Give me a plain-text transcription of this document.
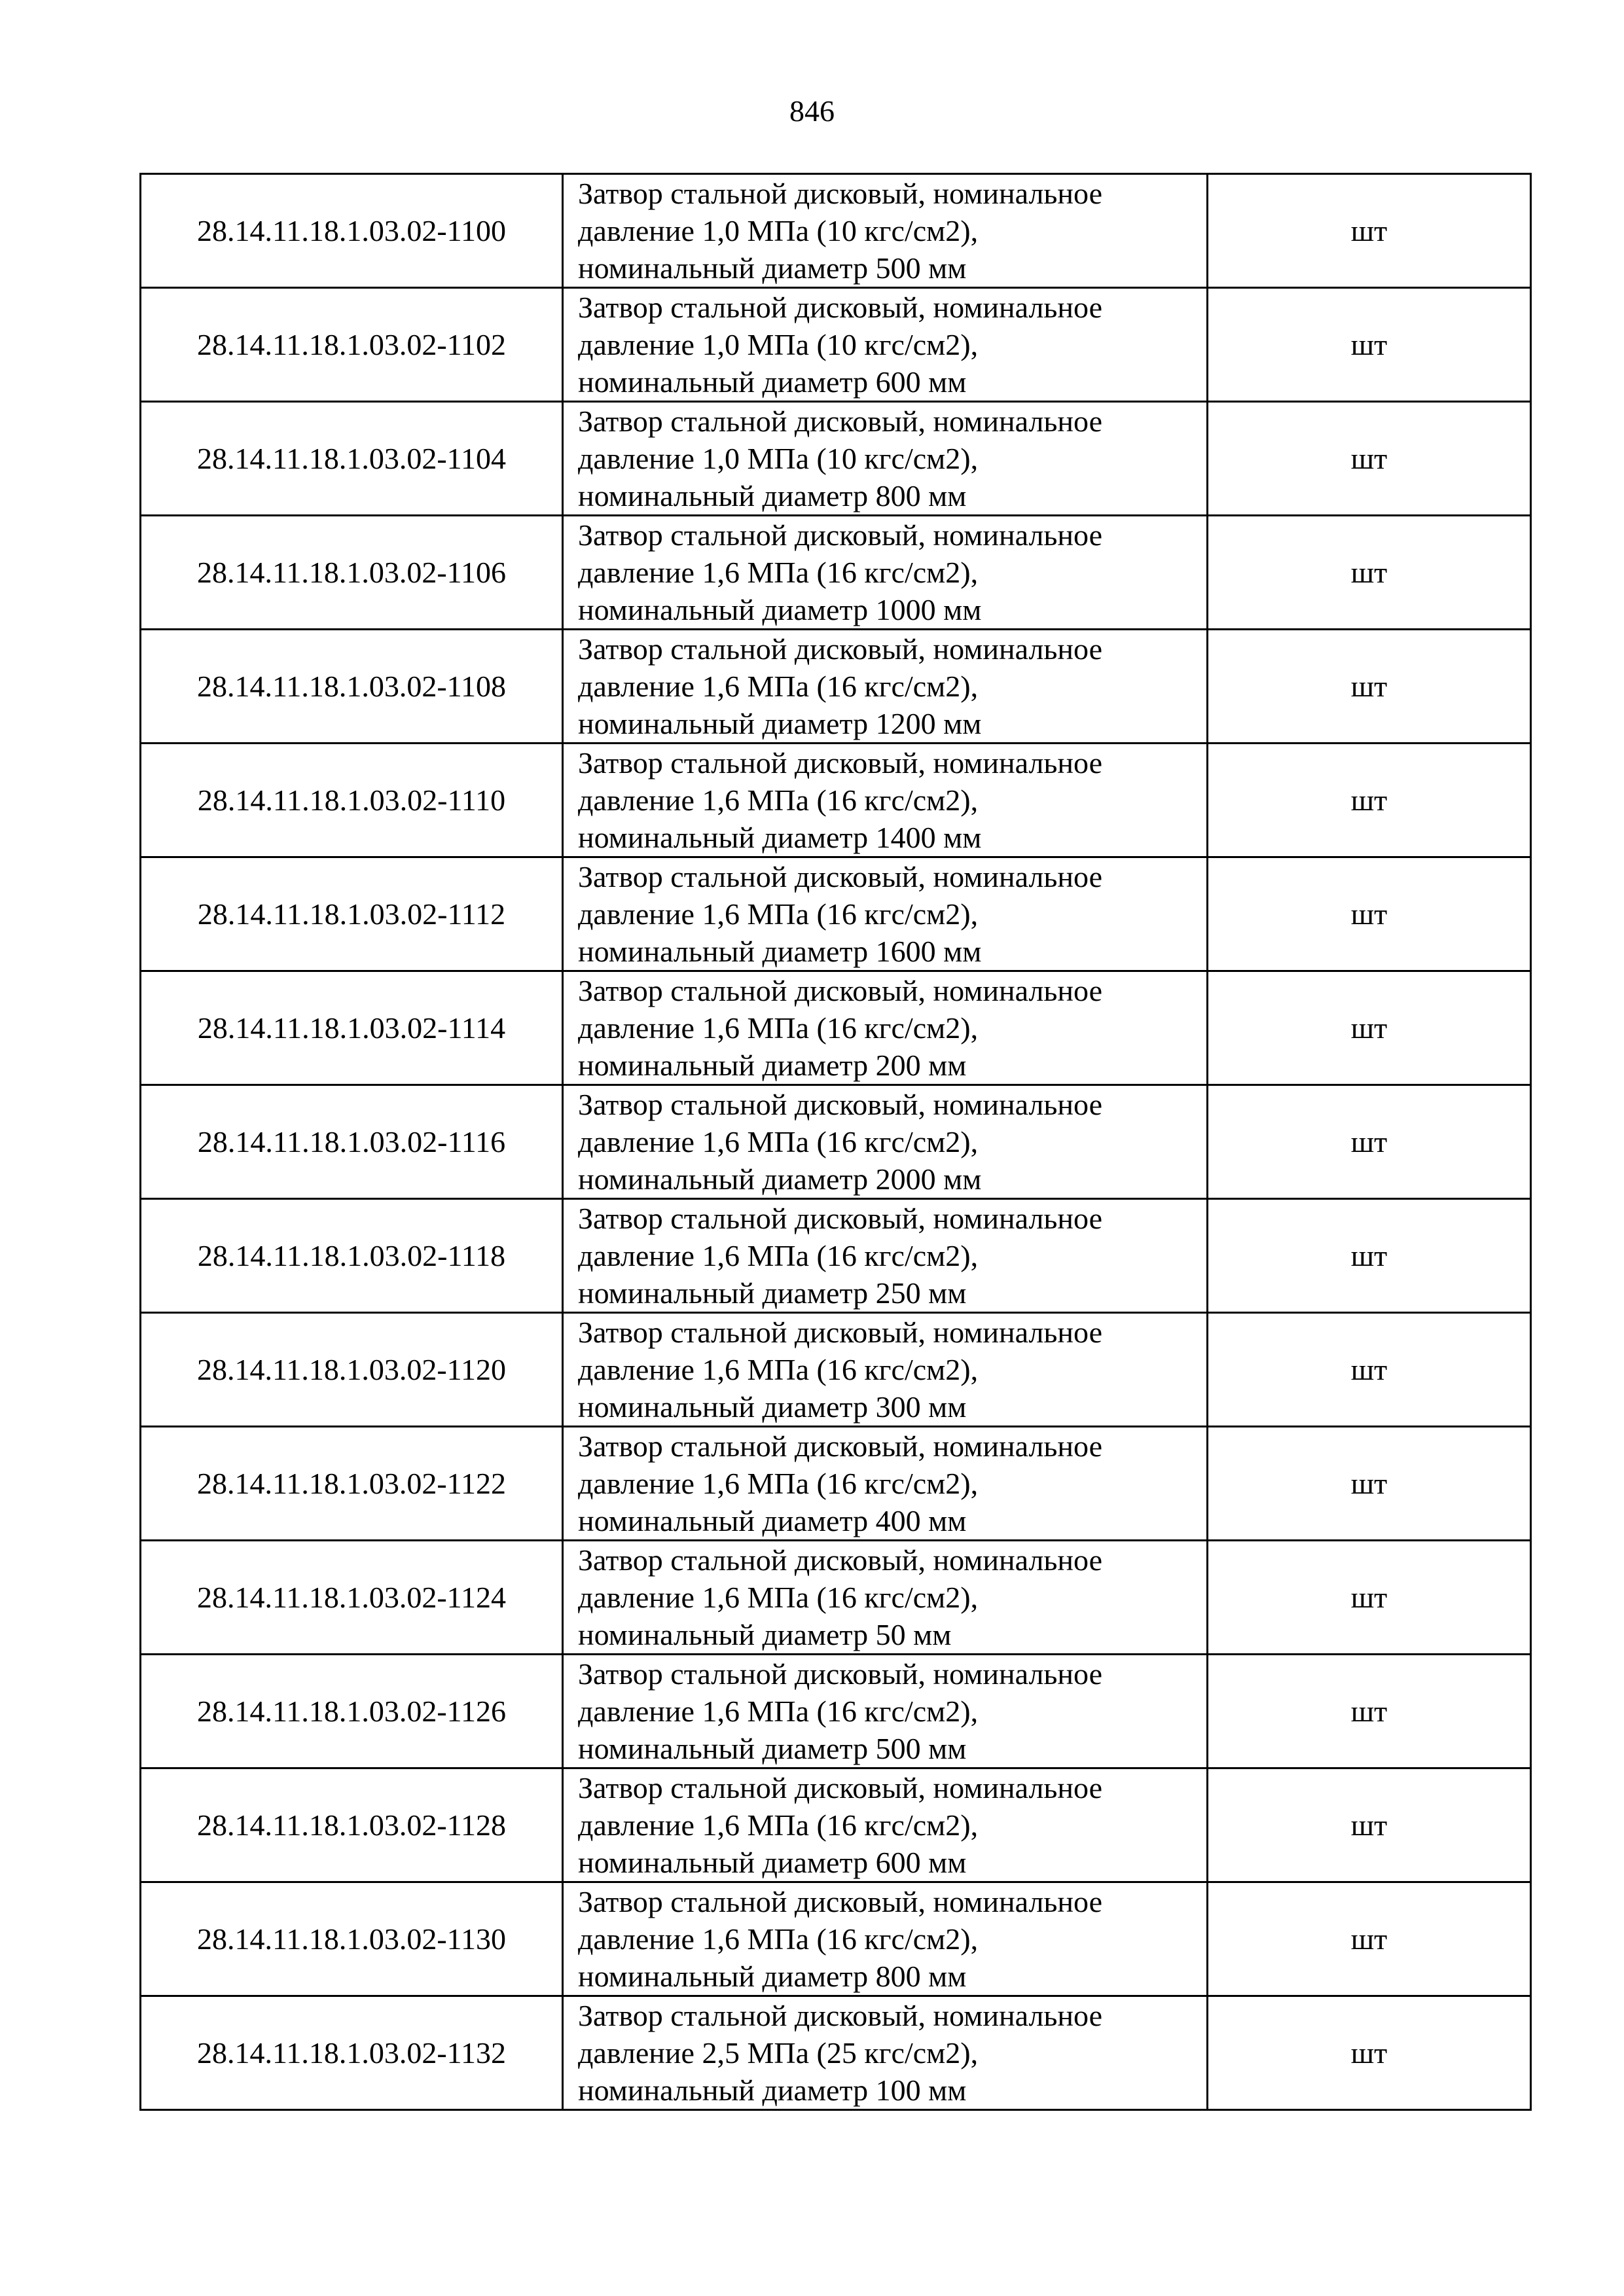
846
28.14.11.18.1.03.02-1100	Затвор стальной дисковый, номинальное
давление 1,0 МПа (10 кгс/см2),
номинальный диаметр 500 мм	шт
28.14.11.18.1.03.02-1102	Затвор стальной дисковый, номинальное
давление 1,0 МПа (10 кгс/см2),
номинальный диаметр 600 мм	шт
28.14.11.18.1.03.02-1104	Затвор стальной дисковый, номинальное
давление 1,0 МПа (10 кгс/см2),
номинальный диаметр 800 мм	шт
28.14.11.18.1.03.02-1106	Затвор стальной дисковый, номинальное
давление 1,6 МПа (16 кгс/см2),
номинальный диаметр 1000 мм	шт
28.14.11.18.1.03.02-1108	Затвор стальной дисковый, номинальное
давление 1,6 МПа (16 кгс/см2),
номинальный диаметр 1200 мм	шт
28.14.11.18.1.03.02-1110	Затвор стальной дисковый, номинальное
давление 1,6 МПа (16 кгс/см2),
номинальный диаметр 1400 мм	шт
28.14.11.18.1.03.02-1112	Затвор стальной дисковый, номинальное
давление 1,6 МПа (16 кгс/см2),
номинальный диаметр 1600 мм	шт
28.14.11.18.1.03.02-1114	Затвор стальной дисковый, номинальное
давление 1,6 МПа (16 кгс/см2),
номинальный диаметр 200 мм	шт
28.14.11.18.1.03.02-1116	Затвор стальной дисковый, номинальное
давление 1,6 МПа (16 кгс/см2),
номинальный диаметр 2000 мм	шт
28.14.11.18.1.03.02-1118	Затвор стальной дисковый, номинальное
давление 1,6 МПа (16 кгс/см2),
номинальный диаметр 250 мм	шт
28.14.11.18.1.03.02-1120	Затвор стальной дисковый, номинальное
давление 1,6 МПа (16 кгс/см2),
номинальный диаметр 300 мм	шт
28.14.11.18.1.03.02-1122	Затвор стальной дисковый, номинальное
давление 1,6 МПа (16 кгс/см2),
номинальный диаметр 400 мм	шт
28.14.11.18.1.03.02-1124	Затвор стальной дисковый, номинальное
давление 1,6 МПа (16 кгс/см2),
номинальный диаметр 50 мм	шт
28.14.11.18.1.03.02-1126	Затвор стальной дисковый, номинальное
давление 1,6 МПа (16 кгс/см2),
номинальный диаметр 500 мм	шт
28.14.11.18.1.03.02-1128	Затвор стальной дисковый, номинальное
давление 1,6 МПа (16 кгс/см2),
номинальный диаметр 600 мм	шт
28.14.11.18.1.03.02-1130	Затвор стальной дисковый, номинальное
давление 1,6 МПа (16 кгс/см2),
номинальный диаметр 800 мм	шт
28.14.11.18.1.03.02-1132	Затвор стальной дисковый, номинальное
давление 2,5 МПа (25 кгс/см2),
номинальный диаметр 100 мм	шт
